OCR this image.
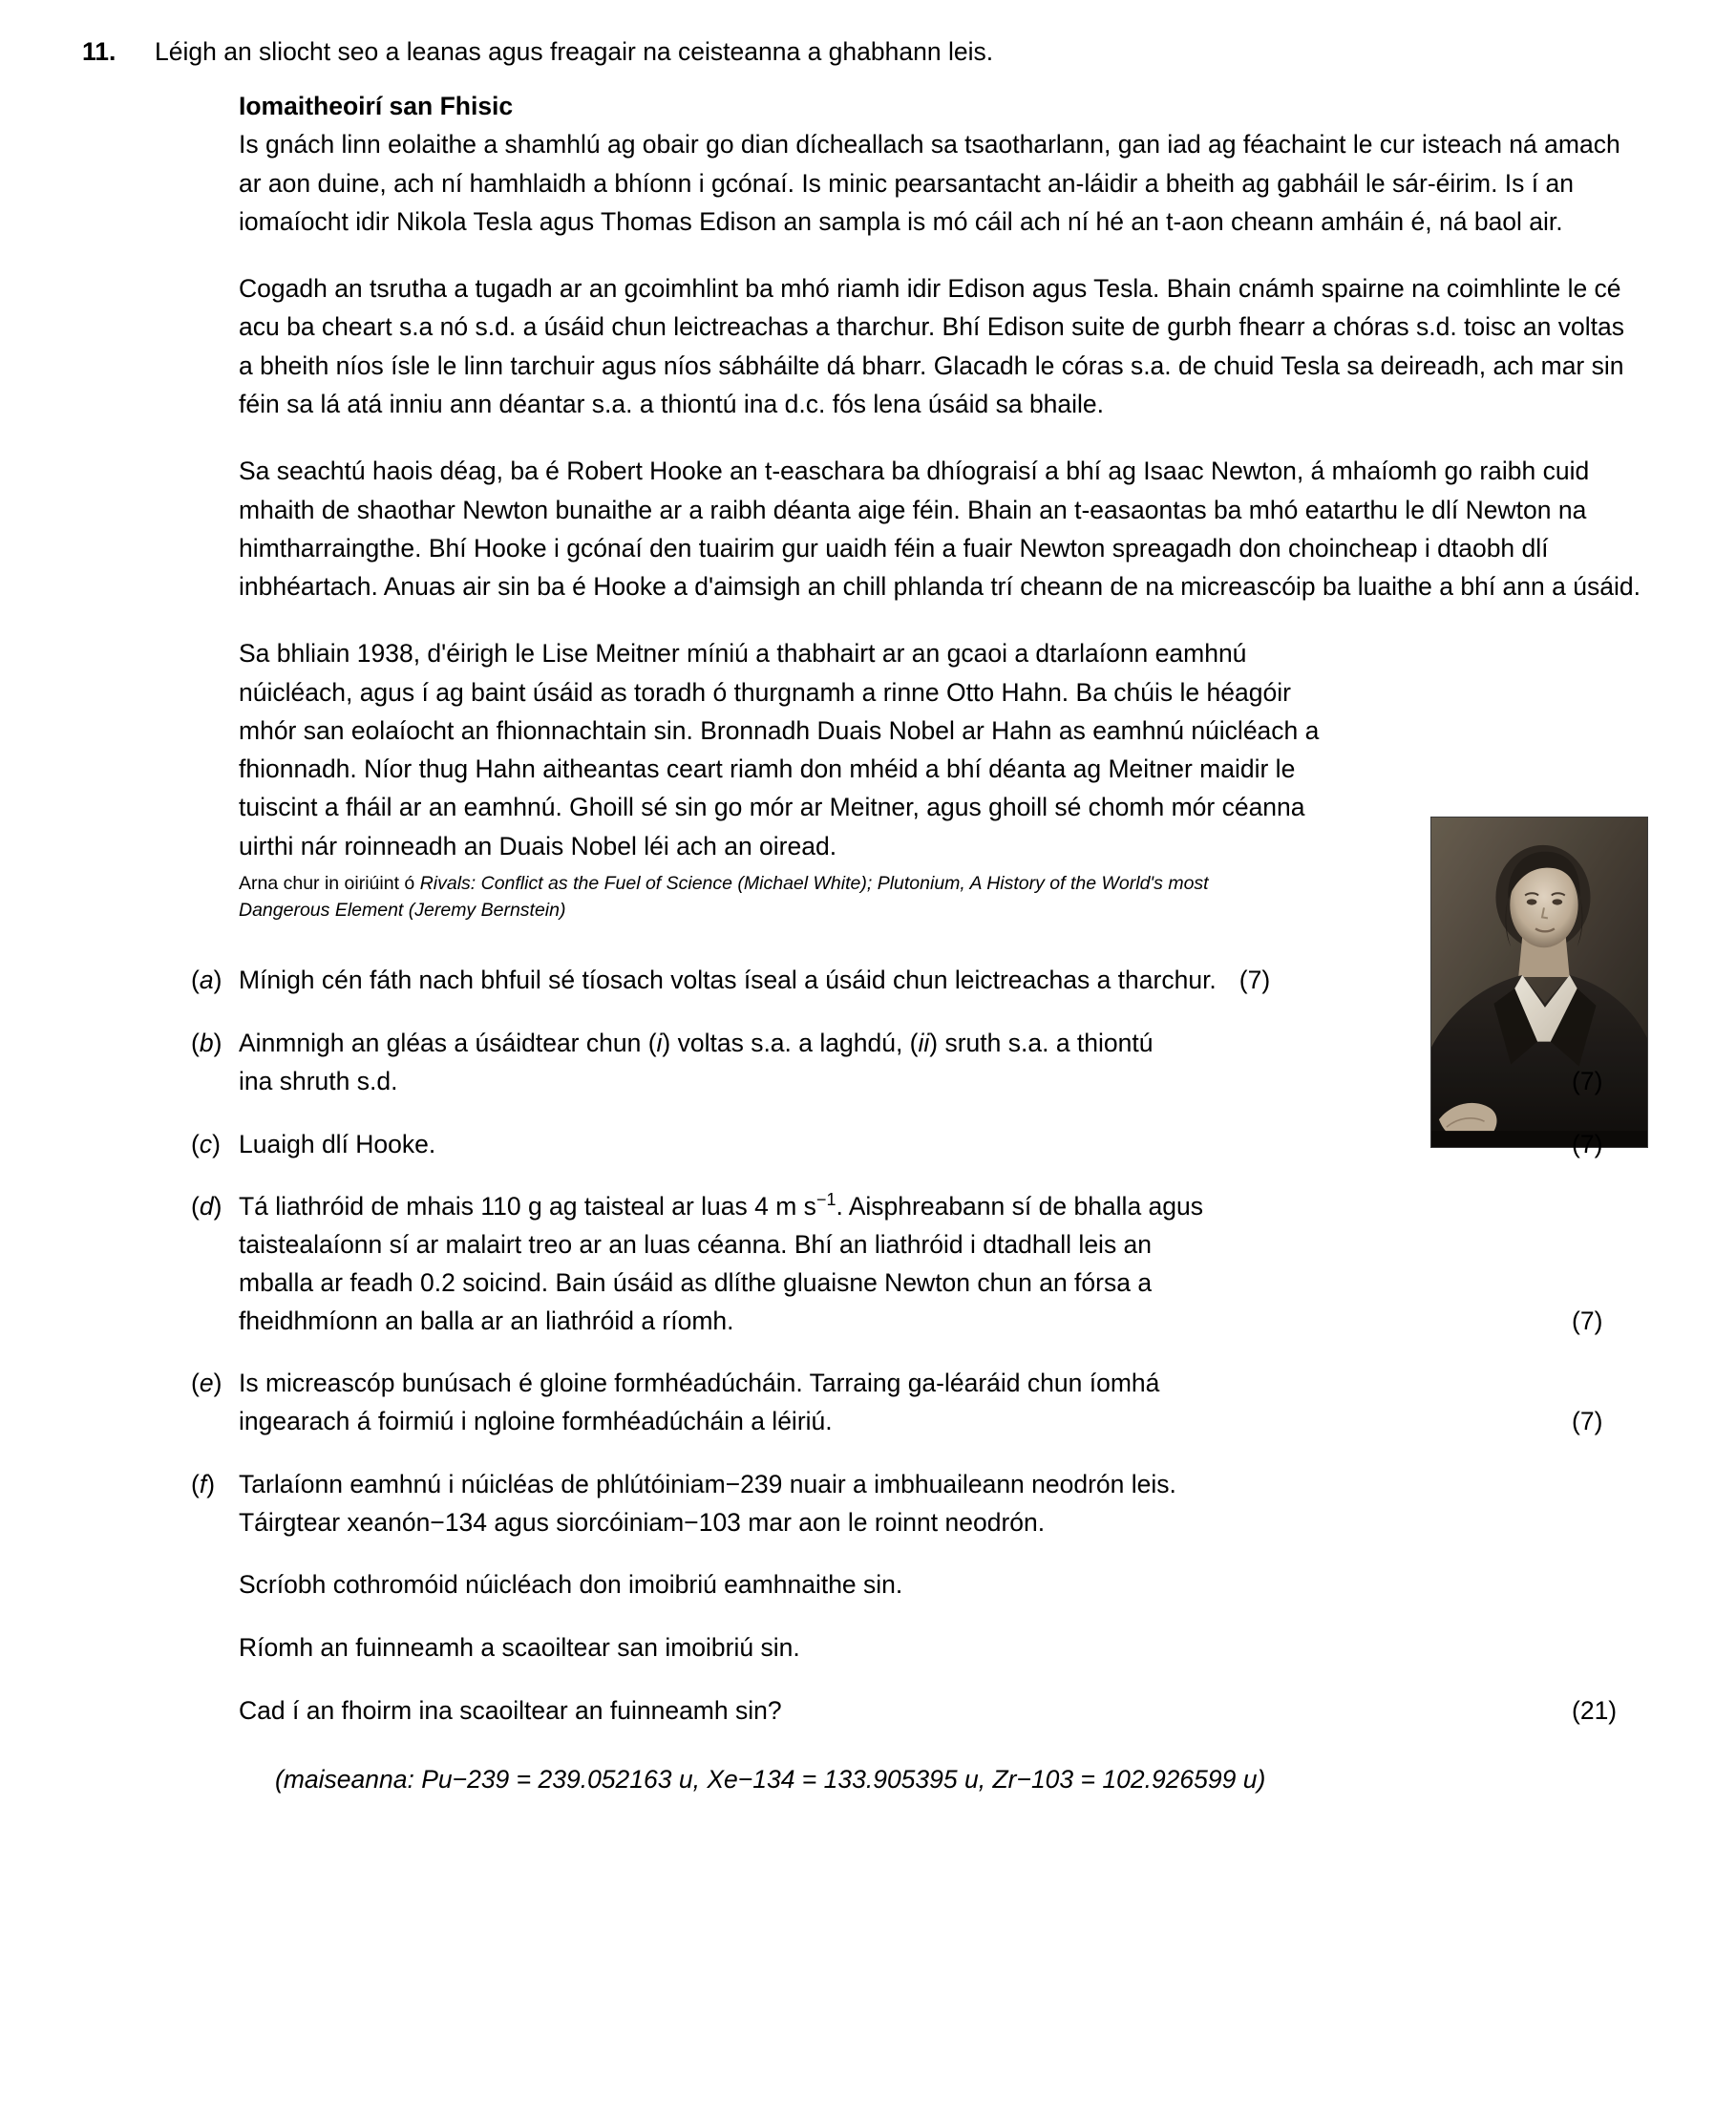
11.	Léigh an sliocht seo a leanas agus freagair na ceisteanna a ghabhann leis.
Iomaitheoirí san Fhisic
Is gnách linn eolaithe a shamhlú ag obair go dian dícheallach sa tsaotharlann, gan iad ag féachaint le cur isteach ná amach ar aon duine, ach ní hamhlaidh a bhíonn i gcónaí. Is minic pearsantacht an-láidir a bheith ag gabháil le sár-éirim. Is í an iomaíocht idir Nikola Tesla agus Thomas Edison an sampla is mó cáil ach ní hé an t-aon cheann amháin é, ná baol air.
Cogadh an tsrutha a tugadh ar an gcoimhlint ba mhó riamh idir Edison agus Tesla. Bhain cnámh spairne na coimhlinte le cé acu ba cheart s.a nó s.d. a úsáid chun leictreachas a tharchur. Bhí Edison suite de gurbh fhearr a chóras s.d. toisc an voltas a bheith níos ísle le linn tarchuir agus níos sábháilte dá bharr. Glacadh le córas s.a. de chuid Tesla sa deireadh, ach mar sin féin sa lá atá inniu ann déantar s.a. a thiontú ina d.c. fós lena úsáid sa bhaile.
Sa seachtú haois déag, ba é Robert Hooke an t-easchara ba dhíograisí a bhí ag Isaac Newton, á mhaíomh go raibh cuid mhaith de shaothar Newton bunaithe ar a raibh déanta aige féin. Bhain an t-easaontas ba mhó eatarthu le dlí Newton na himtharraingthe. Bhí Hooke i gcónaí den tuairim gur uaidh féin a fuair Newton spreagadh don choincheap i dtaobh dlí inbhéartach. Anuas air sin ba é Hooke a d'aimsigh an chill phlanda trí cheann de na micreascóip ba luaithe a bhí ann a úsáid.
Sa bhliain 1938, d'éirigh le Lise Meitner míniú a thabhairt ar an gcaoi a dtarlaíonn eamhnú núicléach, agus í ag baint úsáid as toradh ó thurgnamh a rinne Otto Hahn. Ba chúis le héagóir mhór san eolaíocht an fhionnachtain sin. Bronnadh Duais Nobel ar Hahn as eamhnú núicléach a fhionnadh. Níor thug Hahn aitheantas ceart riamh don mhéid a bhí déanta ag Meitner maidir le tuiscint a fháil ar an eamhnú. Ghoill sé sin go mór ar Meitner, agus ghoill sé chomh mór céanna uirthi nár roinneadh an Duais Nobel léi ach an oiread.
Arna chur in oiriúint ó Rivals: Conflict as the Fuel of Science (Michael White); Plutonium, A History of the World's most
Dangerous Element (Jeremy Bernstein)
(a) Mínigh cén fáth nach bhfuil sé tíosach voltas íseal a úsáid chun leictreachas a tharchur. (7)
(b) Ainmnigh an gléas a úsáidtear chun (i) voltas s.a. a laghdú, (ii) sruth s.a. a thiontú
ina shruth s.d.	(7)
(c) Luaigh dlí Hooke.	(7)
(d) Tá liathróid de mhais 110 g ag taisteal ar luas 4 m $s^{-1}$. Aisphreabann sí de bhalla agus
taistealaíonn sí ar malairt treo ar an luas céanna. Bhí an liathróid i dtadhall leis an
mballa ar feadh 0.2 soicind. Bain úsáid as dlíthe gluaisne Newton chun an fórsa a
fheidhmíonn an balla ar an liathróid a ríomh.	(7)
(e) Is micreascóp bunúsach é gloine formhéadúcháin. Tarraing ga-léaráid chun íomhá
ingearach á foirmiú i ngloine formhéadúcháin a léiriú.	(7)
(f) Tarlaíonn eamhnú i núicléas de phlútóiniam−239 nuair a imbhuaileann neodrón leis.
Táirgtear xeanón−134 agus siorcóiniam−103 mar aon le roinnt neodrón.
Scríobh cothromóid núicléach don imoibriú eamhnaithe sin.
Ríomh an fuinneamh a scaoiltear san imoibriú sin.
Cad í an fhoirm ina scaoiltear an fuinneamh sin?	(21)
(maiseanna: Pu−239 = 239.052163 u, Xe−134 = 133.905395 u, Zr−103 = 102.926599 u)
